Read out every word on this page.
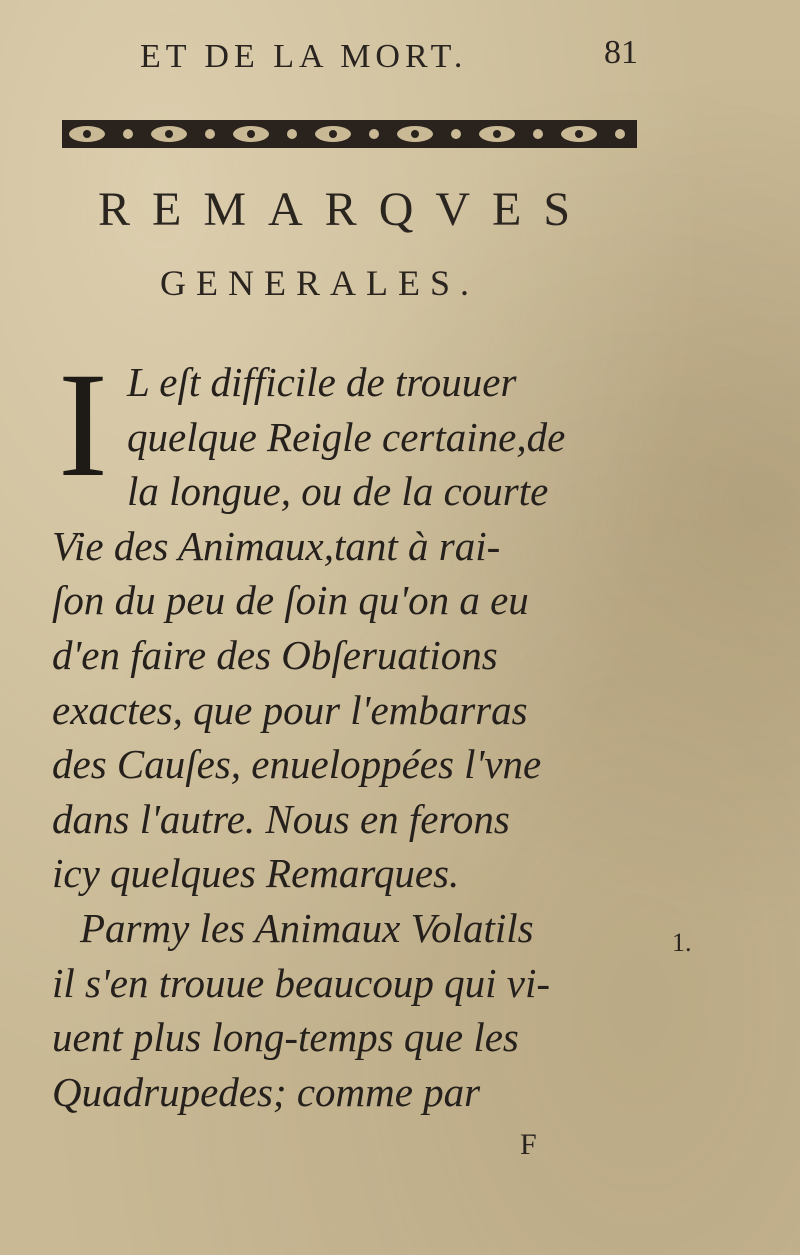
ET DE LA MORT.	81
REMARQVES
GENERALES.
I L eſt difficile de trouuer
quelque Reigle certaine,de
la longue, ou de la courte
Vie des Animaux,tant à rai-
ſon du peu de ſoin qu'on a eu
d'en faire des Obſeruations
exactes, que pour l'embarras
des Cauſes, enueloppées l'vne
dans l'autre. Nous en ferons
icy quelques Remarques.
Parmy les Animaux Volatils
il s'en trouue beaucoup qui vi-
uent plus long-temps que les
Quadrupedes; comme par
1.
F
